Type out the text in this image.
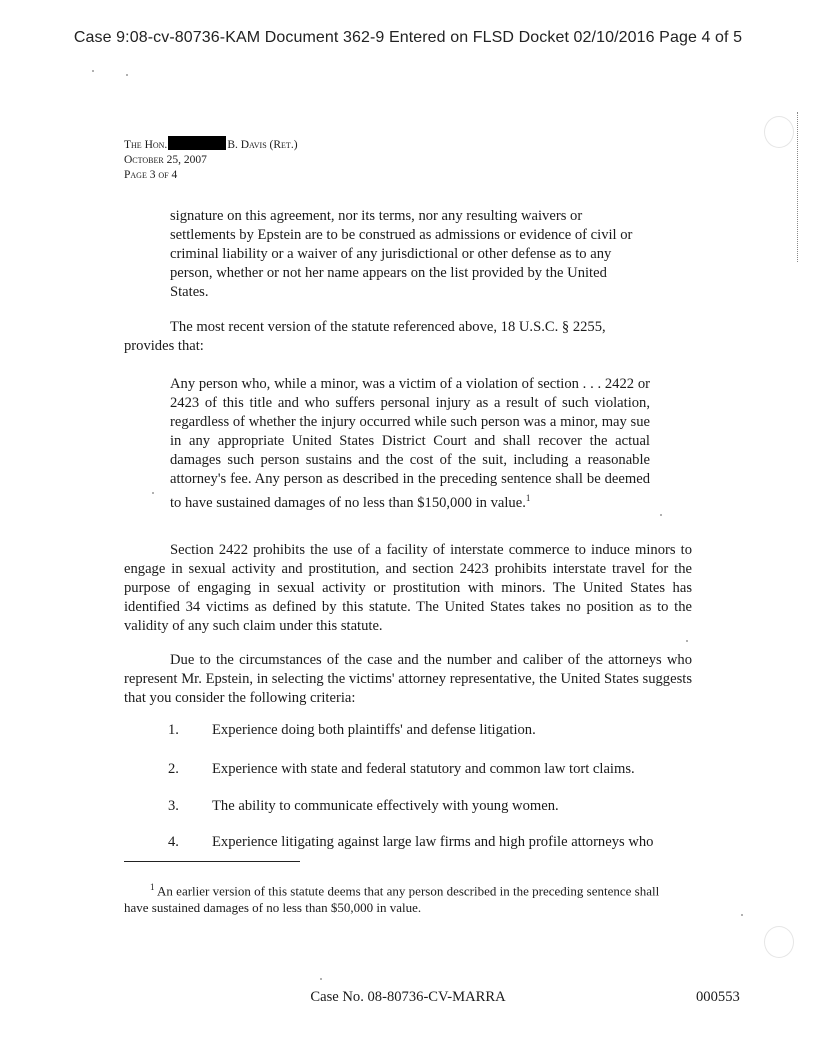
Case 9:08-cv-80736-KAM Document 362-9 Entered on FLSD Docket 02/10/2016 Page 4 of 5
The Hon.	B. Davis (Ret.)
October 25, 2007
Page 3 of 4

signature on this agreement, nor its terms, nor any resulting waivers or settlements by Epstein are to be construed as admissions or evidence of civil or criminal liability or a waiver of any jurisdictional or other defense as to any person, whether or not her name appears on the list provided by the United States.

The most recent version of the statute referenced above, 18 U.S.C. § 2255, provides that:

Any person who, while a minor, was a victim of a violation of section . . . 2422 or 2423 of this title and who suffers personal injury as a result of such violation, regardless of whether the injury occurred while such person was a minor, may sue in any appropriate United States District Court and shall recover the actual damages such person sustains and the cost of the suit, including a reasonable attorney's fee. Any person as described in the preceding sentence shall be deemed to have sustained damages of no less than $150,000 in value.$^1$

Section 2422 prohibits the use of a facility of interstate commerce to induce minors to engage in sexual activity and prostitution, and section 2423 prohibits interstate travel for the purpose of engaging in sexual activity or prostitution with minors. The United States has identified 34 victims as defined by this statute. The United States takes no position as to the validity of any such claim under this statute.

Due to the circumstances of the case and the number and caliber of the attorneys who represent Mr. Epstein, in selecting the victims' attorney representative, the United States suggests that you consider the following criteria:

1.	Experience doing both plaintiffs' and defense litigation.
2.	Experience with state and federal statutory and common law tort claims.
3.	The ability to communicate effectively with young women.
4.	Experience litigating against large law firms and high profile attorneys who

$^1$ An earlier version of this statute deems that any person described in the preceding sentence shall have sustained damages of no less than $50,000 in value.

Case No. 08-80736-CV-MARRA	000553
